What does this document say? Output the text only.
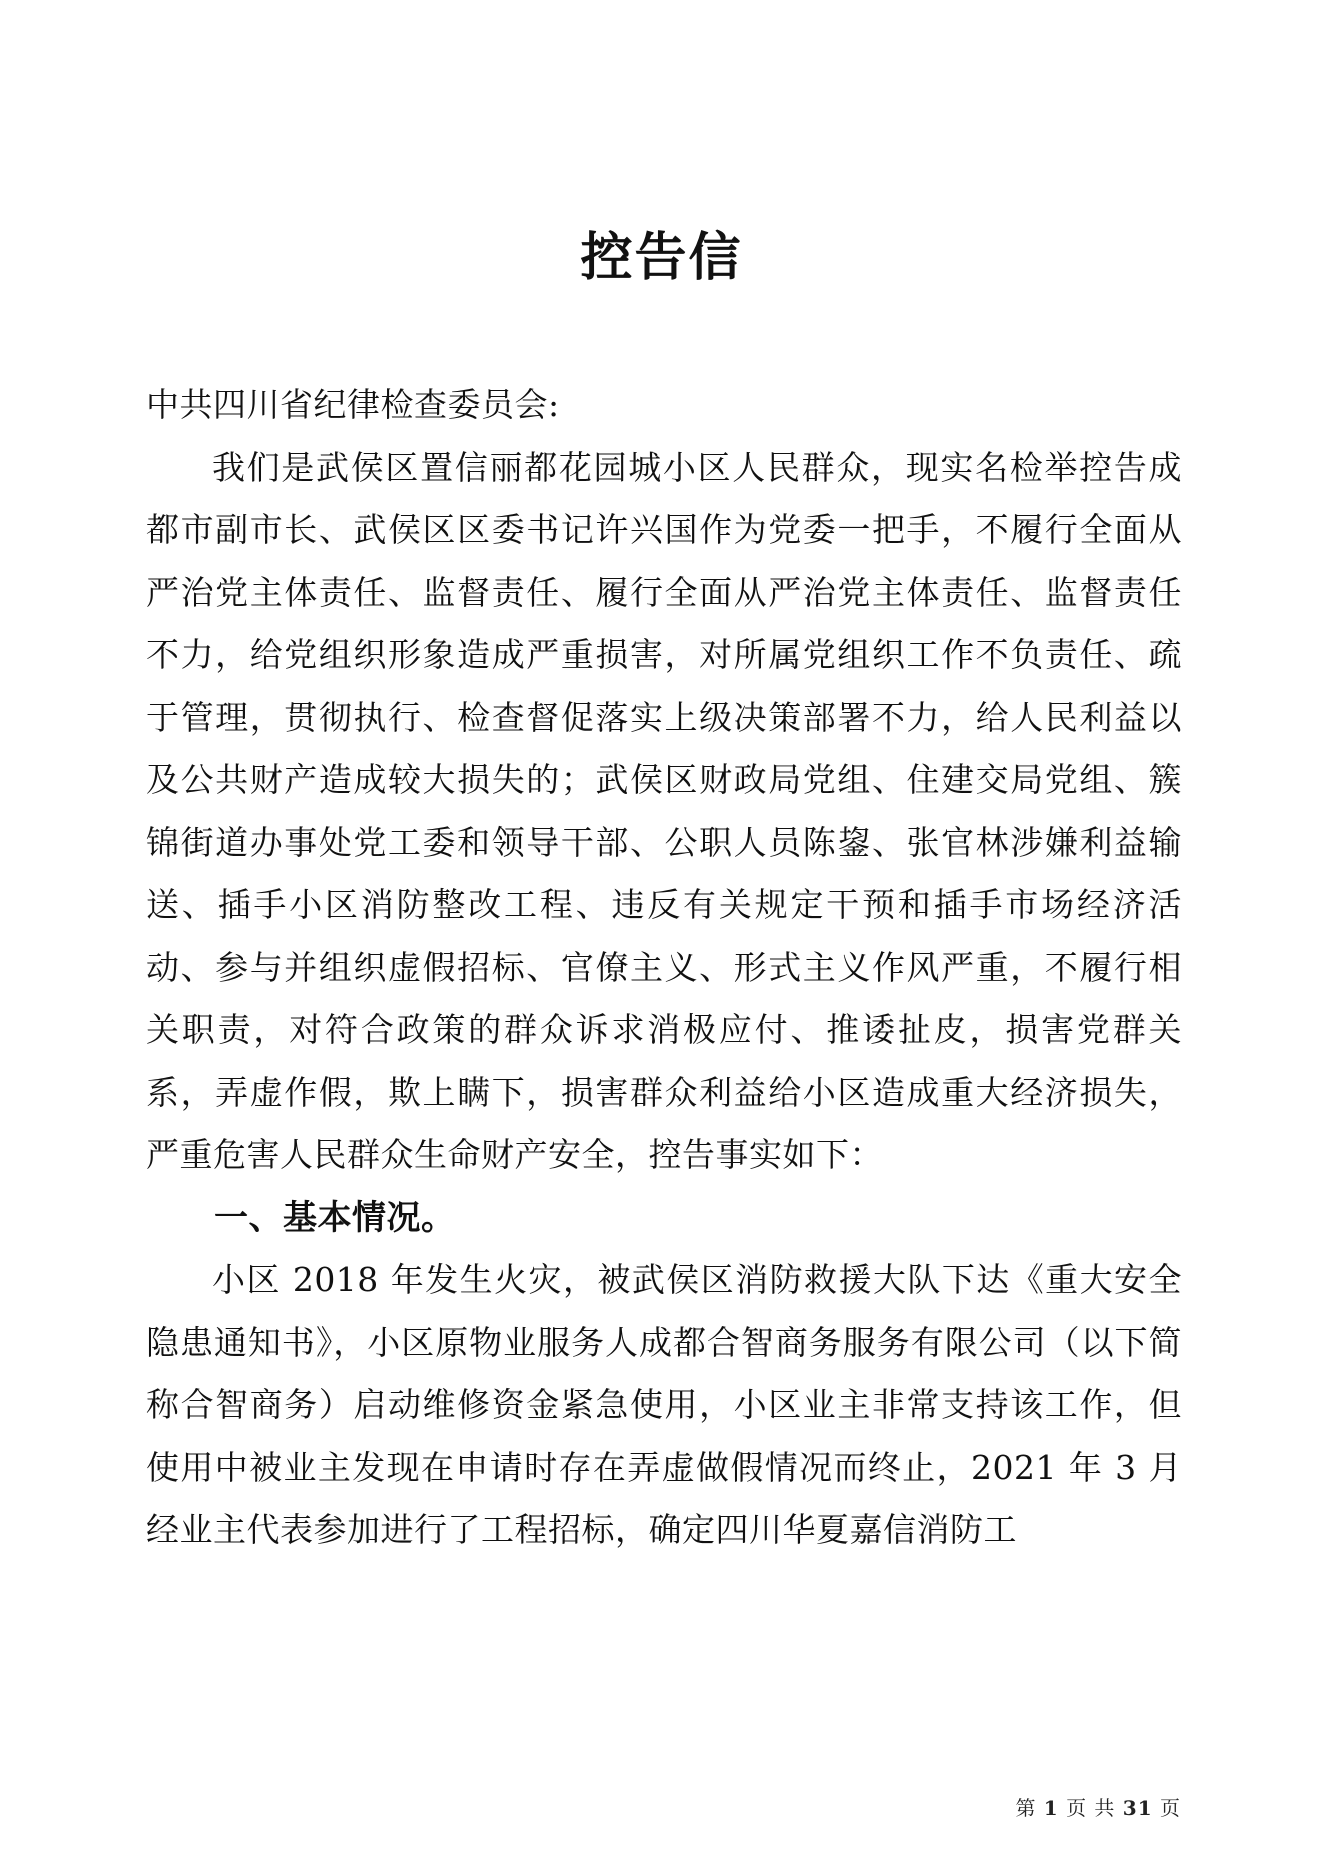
控告信

中共四川省纪律检查委员会:

我们是武侯区置信丽都花园城小区人民群众，现实名检举控告成都市副市长、武侯区区委书记许兴国作为党委一把手，不履行全面从严治党主体责任、监督责任、履行全面从严治党主体责任、监督责任不力，给党组织形象造成严重损害，对所属党组织工作不负责任、疏于管理，贯彻执行、检查督促落实上级决策部署不力，给人民利益以及公共财产造成较大损失的；武侯区财政局党组、住建交局党组、簇锦街道办事处党工委和领导干部、公职人员陈鋆、张官林涉嫌利益输送、插手小区消防整改工程、违反有关规定干预和插手市场经济活动、参与并组织虚假招标、官僚主义、形式主义作风严重，不履行相关职责，对符合政策的群众诉求消极应付、推诿扯皮，损害党群关系，弄虚作假，欺上瞒下，损害群众利益给小区造成重大经济损失，严重危害人民群众生命财产安全，控告事实如下：

一、基本情况。

小区 2018 年发生火灾，被武侯区消防救援大队下达《重大安全隐患通知书》，小区原物业服务人成都合智商务服务有限公司（以下简称合智商务）启动维修资金紧急使用，小区业主非常支持该工作，但使用中被业主发现在申请时存在弄虚做假情况而终止，2021 年 3 月经业主代表参加进行了工程招标，确定四川华夏嘉信消防工

第 1 页 共 31 页
